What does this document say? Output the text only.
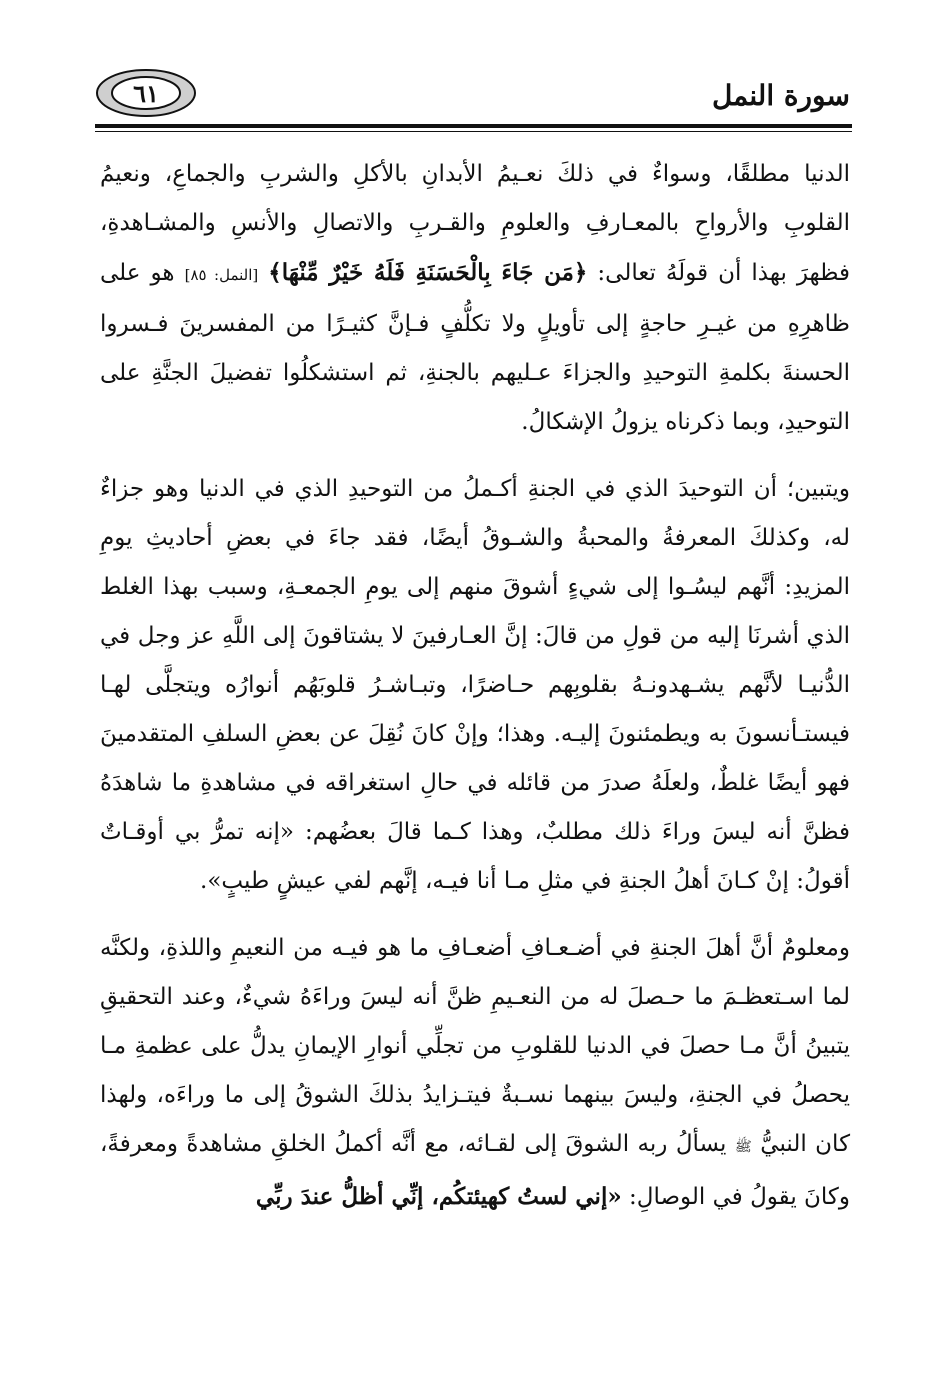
سورة النمل
٦١

الدنيا مطلقًا، وسواءٌ في ذلكَ نعـيمُ الأبدانِ بالأكلِ والشربِ والجماعِ، ونعيمُ القلوبِ والأرواحِ بالمعـارفِ والعلومِ والقـربِ والاتصالِ والأنسِ والمشـاهدةِ، فظهرَ بهذا أن قولَهُ تعالى: ﴿مَن جَاءَ بِالْحَسَنَةِ فَلَهُ خَيْرٌ مِّنْهَا﴾ [النمل: ٨٥] هو على ظاهرِهِ من غيـرِ حاجةٍ إلى تأويلٍ ولا تكلُّفٍ فـإنَّ كثيـرًا من المفسرينَ فـسروا الحسنةَ بكلمةِ التوحيدِ والجزاءَ عـليهم بالجنةِ، ثم استشكلُوا تفضيلَ الجنَّةِ على التوحيدِ، وبما ذكرناه يزولُ الإشكالُ.

ويتبين؛ أن التوحيدَ الذي في الجنةِ أكـملُ من التوحيدِ الذي في الدنيا وهو جزاءٌ له، وكذلكَ المعرفةُ والمحبةُ والشـوقُ أيضًا، فقد جاءَ في بعضِ أحاديثِ يومِ المزيدِ: أنَّهم ليسُـوا إلى شيءٍ أشوقَ منهم إلى يومِ الجمعـةِ، وسبب بهذا الغلط الذي أشرنَا إليه من قولِ من قالَ: إنَّ العـارفينَ لا يشتاقونَ إلى اللَّهِ عز وجل في الدُّنيـا لأنَّهم يشـهدونـهُ بقلوبِهم حـاضرًا، وتبـاشـرُ قلوبَهُم أنوارُه ويتجلَّى لهـا فيستـأنسونَ به ويطمئنونَ إليـه. وهذا؛ وإنْ كانَ نُقِلَ عن بعضِ السلفِ المتقدمينَ فهو أيضًا غلطٌ، ولعلَهُ صدرَ من قائله في حالِ استغراقه في مشاهدةِ ما شاهدَهُ فظنَّ أنه ليسَ وراءَ ذلك مطلبٌ، وهذا كـما قالَ بعضُهم: «إنه تمرُّ بي أوقـاتٌ أقولُ: إنْ كـانَ أهلُ الجنةِ في مثلِ مـا أنا فيـه، إنَّهم لفي عيشٍ طيبٍ».

ومعلومٌ أنَّ أهلَ الجنةِ في أضـعـافِ أضعـافِ ما هو فيـه من النعيمِ واللذةِ، ولكنَّه لما اسـتعظـمَ ما حـصلَ له من النعـيمِ ظنَّ أنه ليسَ وراءَهُ شيءٌ، وعند التحقيقِ يتبينُ أنَّ مـا حصلَ في الدنيا للقلوبِ من تجلِّي أنوارِ الإيمانِ يدلُّ على عظمةِ مـا يحصلُ في الجنةِ، وليسَ بينهما نسـبةٌ فيتـزايدُ بذلكَ الشوقُ إلى ما وراءَه، ولهذا كان النبيُّ ﷺ يسألُ ربه الشوقَ إلى لقـائه، مع أنَّه أكملُ الخلقِ مشاهدةً ومعرفةً، وكانَ يقولُ في الوصالِ: «إني لستُ كهيئتكُم، إنِّي أظلُّ عندَ ربِّي
